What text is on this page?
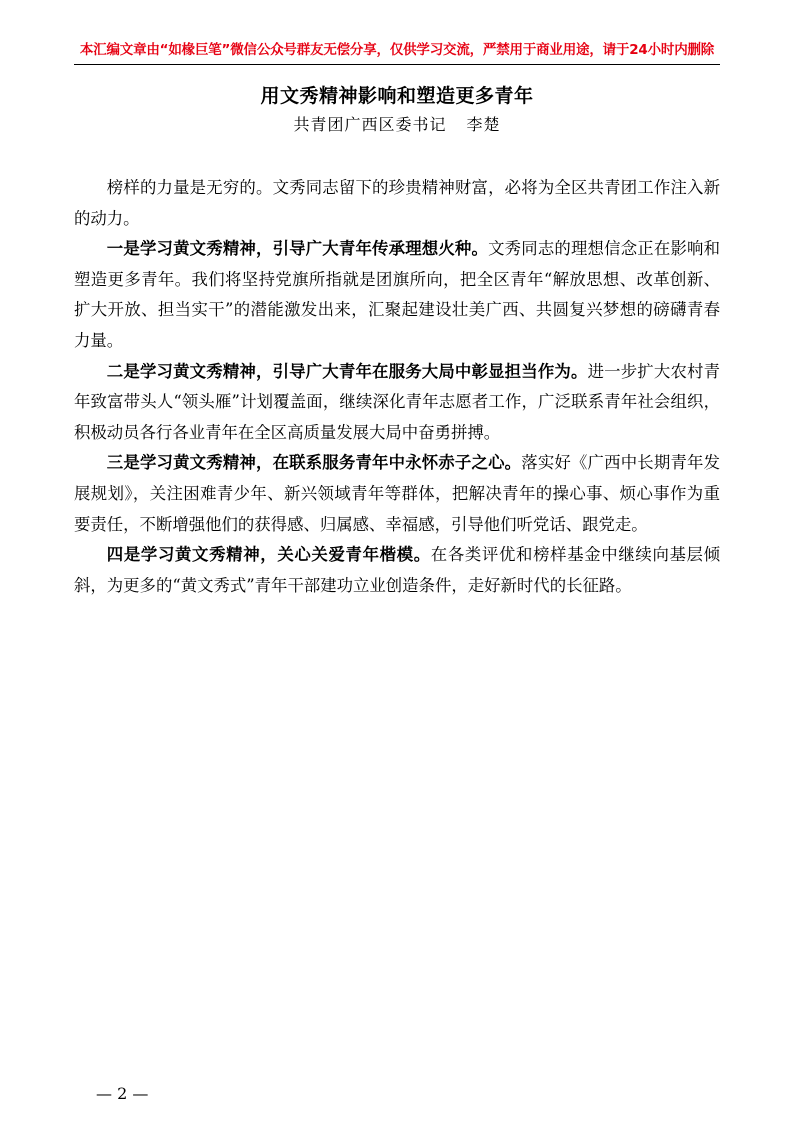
本汇编文章由“如椽巨笔”微信公众号群友无偿分享，仅供学习交流，严禁用于商业用途，请于24小时内删除
用文秀精神影响和塑造更多青年
共青团广西区委书记 李楚

榜样的力量是无穷的。文秀同志留下的珍贵精神财富，必将为全区共青团工作注入新的动力。

一是学习黄文秀精神，引导广大青年传承理想火种。文秀同志的理想信念正在影响和塑造更多青年。我们将坚持党旗所指就是团旗所向，把全区青年“解放思想、改革创新、扩大开放、担当实干”的潜能激发出来，汇聚起建设壮美广西、共圆复兴梦想的磅礴青春力量。

二是学习黄文秀精神，引导广大青年在服务大局中彰显担当作为。进一步扩大农村青年致富带头人“领头雁”计划覆盖面，继续深化青年志愿者工作，广泛联系青年社会组织，积极动员各行各业青年在全区高质量发展大局中奋勇拼搏。

三是学习黄文秀精神，在联系服务青年中永怀赤子之心。落实好《广西中长期青年发展规划》，关注困难青少年、新兴领域青年等群体，把解决青年的操心事、烦心事作为重要责任，不断增强他们的获得感、归属感、幸福感，引导他们听党话、跟党走。

四是学习黄文秀精神，关心关爱青年楷模。在各类评优和榜样基金中继续向基层倾斜，为更多的“黄文秀式”青年干部建功立业创造条件，走好新时代的长征路。

— 2 —
